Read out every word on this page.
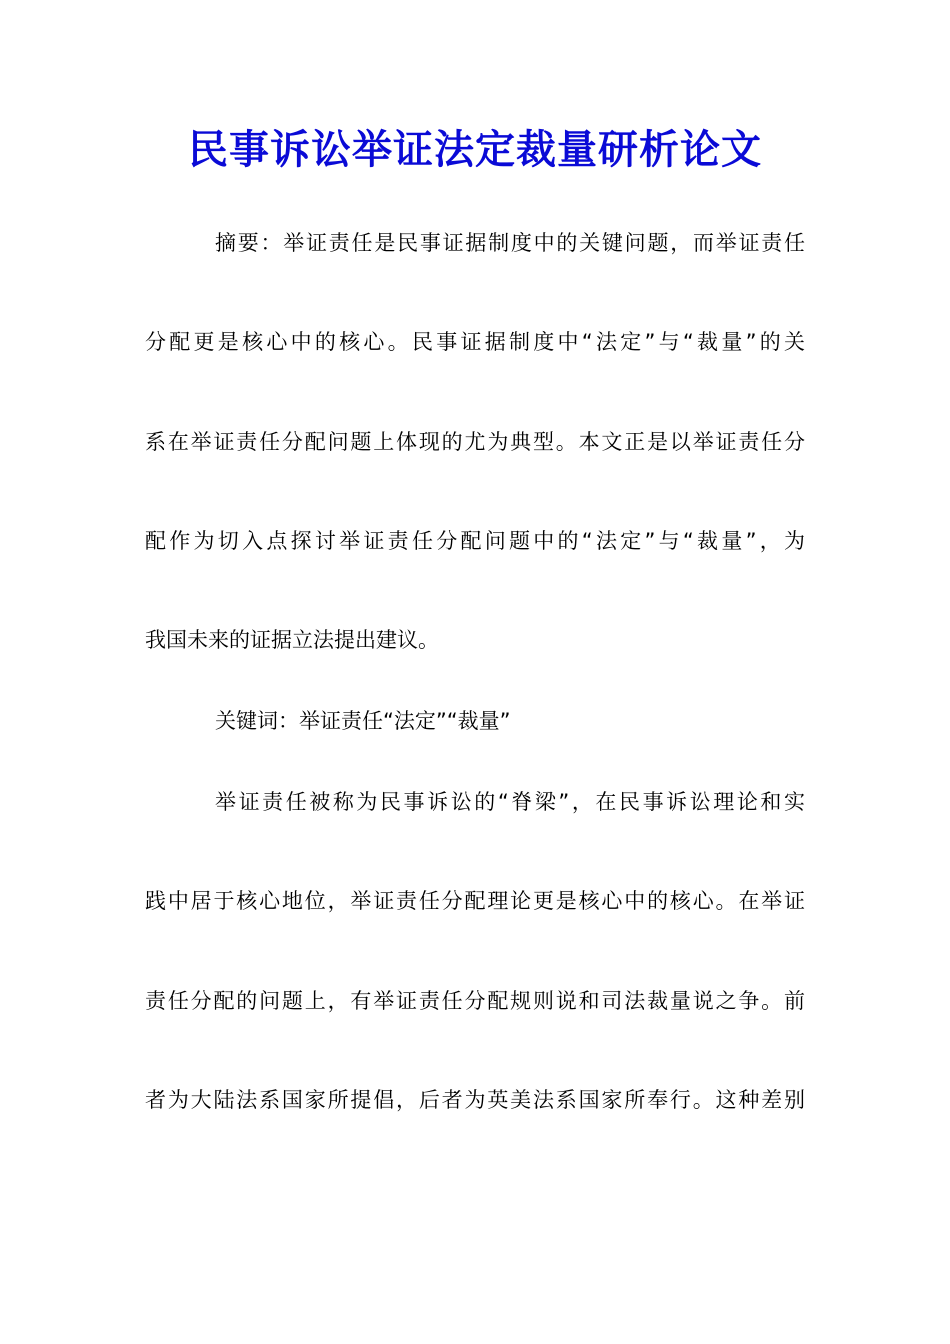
民事诉讼举证法定裁量研析论文
摘要：举证责任是民事证据制度中的关键问题，而举证责任
分配更是核心中的核心。民事证据制度中“法定”与“裁量”的关
系在举证责任分配问题上体现的尤为典型。本文正是以举证责任分
配作为切入点探讨举证责任分配问题中的“法定”与“裁量”，为
我国未来的证据立法提出建议。
关键词：举证责任“法定”“裁量”
举证责任被称为民事诉讼的“脊梁”，在民事诉讼理论和实
践中居于核心地位，举证责任分配理论更是核心中的核心。在举证
责任分配的问题上，有举证责任分配规则说和司法裁量说之争。前
者为大陆法系国家所提倡，后者为英美法系国家所奉行。这种差别
